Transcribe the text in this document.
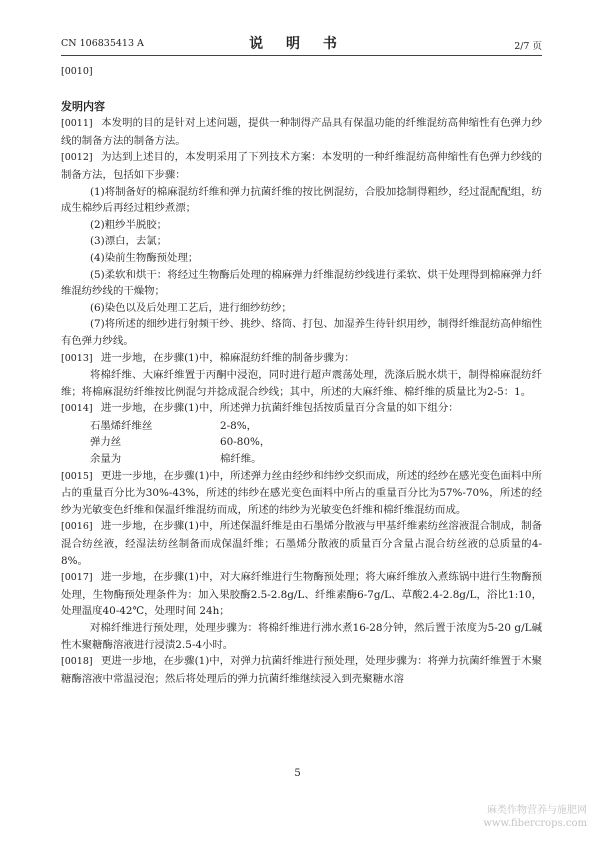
CN 106835413 A	说 明 书	2/7 页

[0010]

发明内容

[0011] 本发明的目的是针对上述问题，提供一种制得产品具有保温功能的纤维混纺高伸缩性有色弹力纱线的制备方法的制备方法。

[0012] 为达到上述目的，本发明采用了下列技术方案：本发明的一种纤维混纺高伸缩性有色弹力纱线的制备方法，包括如下步骤：

(1)将制备好的棉麻混纺纤维和弹力抗菌纤维的按比例混纺，合股加捻制得粗纱，经过混配配组，纺成生棉纱后再经过粗纱煮漂；

(2)粗纱半脱胶；

(3)漂白，去氯；

(4)染前生物酶预处理；

(5)柔软和烘干：将经过生物酶后处理的棉麻弹力纤维混纺纱线进行柔软、烘干处理得到棉麻弹力纤维混纺纱线的干燥物；

(6)染色以及后处理工艺后，进行细纱纺纱；

(7)将所述的细纱进行射频干纱、挑纱、络筒、打包、加湿养生待针织用纱，制得纤维混纺高伸缩性有色弹力纱线。

[0013] 进一步地，在步骤(1)中，棉麻混纺纤维的制备步骤为：

将棉纤维、大麻纤维置于丙酮中浸泡，同时进行超声震荡处理，洗涤后脱水烘干，制得棉麻混纺纤维；将棉麻混纺纤维按比例混匀并捻成混合纱线；其中，所述的大麻纤维、棉纤维的质量比为2-5：1。

[0014] 进一步地，在步骤(1)中，所述弹力抗菌纤维包括按质量百分含量的如下组分：

石墨烯纤维丝	2-8%，
弹力丝	60-80%，
余量为	棉纤维。

[0015] 更进一步地，在步骤(1)中，所述弹力丝由经纱和纬纱交织而成，所述的经纱在感光变色面料中所占的重量百分比为30%-43%，所述的纬纱在感光变色面料中所占的重量百分比为57%-70%，所述的经纱为光敏变色纤维和保温纤维混纺而成，所述的纬纱为光敏变色纤维和棉纤维混纺而成。

[0016] 进一步地，在步骤(1)中，所述保温纤维是由石墨烯分散液与甲基纤维素纺丝溶液混合制成，制备混合纺丝液，经湿法纺丝制备而成保温纤维；石墨烯分散液的质量百分含量占混合纺丝液的总质量的4-8%。

[0017] 进一步地，在步骤(1)中，对大麻纤维进行生物酶预处理；将大麻纤维放入煮练锅中进行生物酶预处理，生物酶预处理条件为：加入果胶酶2.5-2.8g/L、纤维素酶6-7g/L、草酸2.4-2.8g/L，浴比1:10，处理温度40-42℃，处理时间 24h；

对棉纤维进行预处理，处理步骤为：将棉纤维进行沸水煮16-28分钟，然后置于浓度为5-20 g/L碱性木聚糖酶溶液进行浸渍2.5-4小时。

[0018] 更进一步地，在步骤(1)中，对弹力抗菌纤维进行预处理，处理步骤为：将弹力抗菌纤维置于木聚糖酶溶液中常温浸泡；然后将处理后的弹力抗菌纤维继续浸入到壳聚糖水溶

5
麻类作物营养与施肥网
www.fibercrops.com
